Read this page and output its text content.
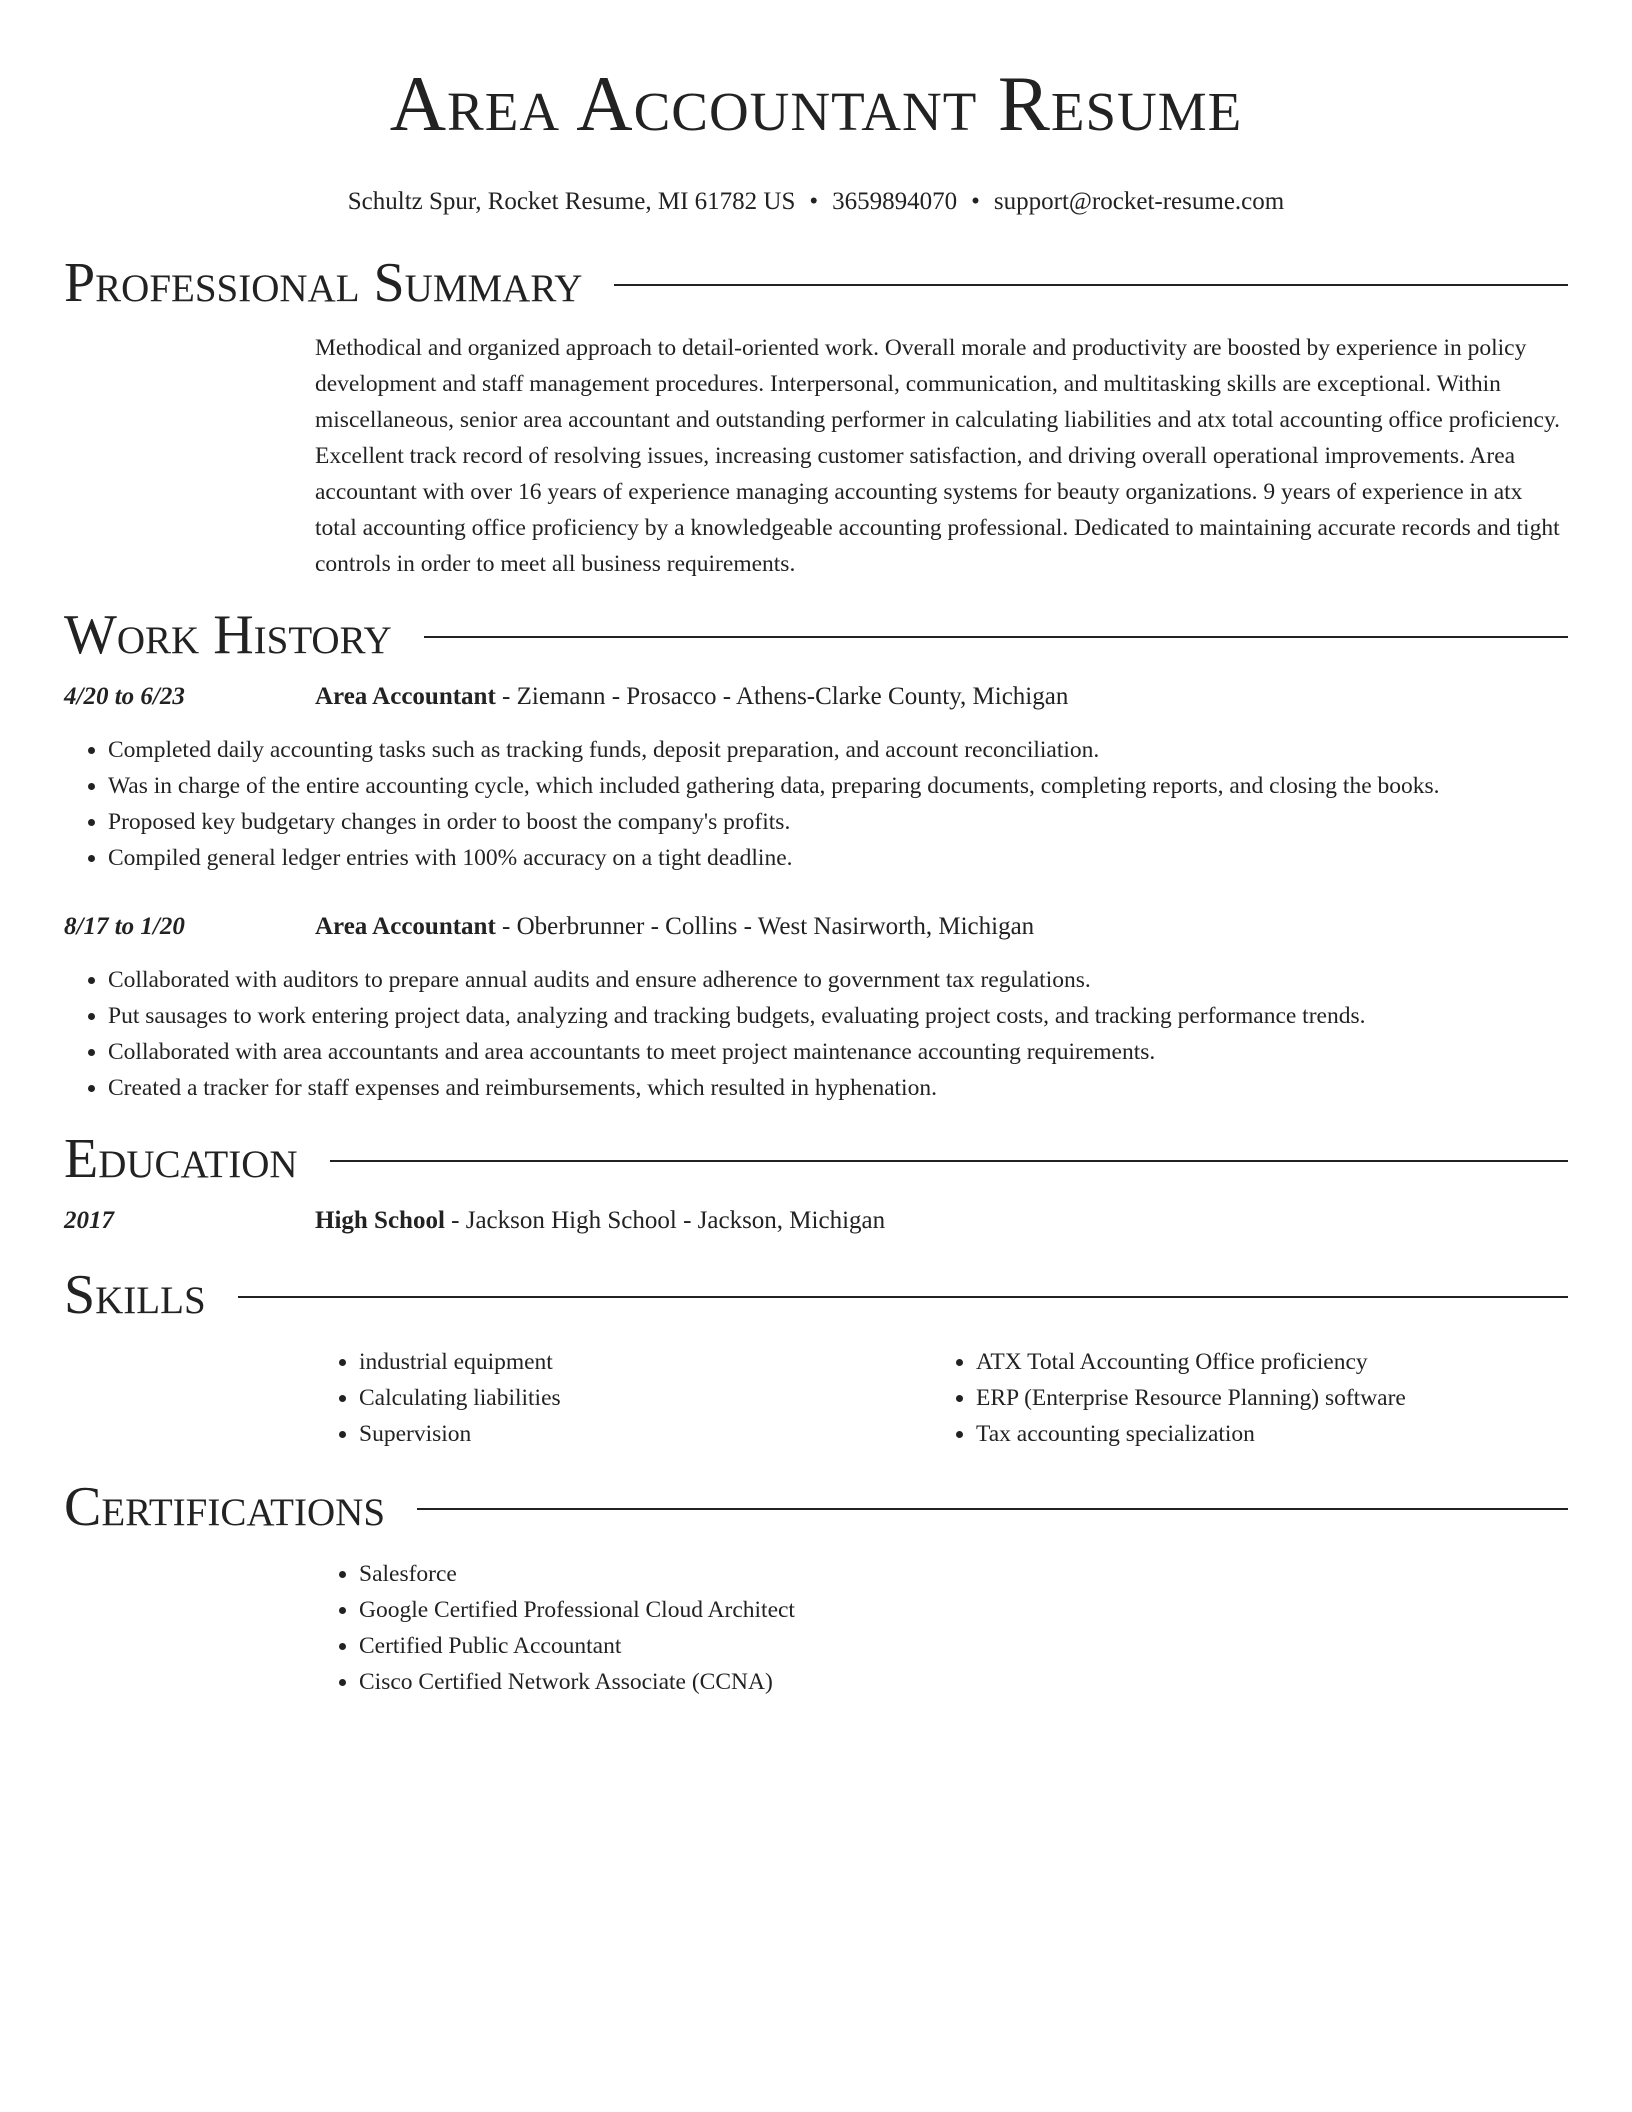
Area Accountant Resume
Schultz Spur, Rocket Resume, MI 61782 US • 3659894070 • support@rocket-resume.com
Professional Summary
Methodical and organized approach to detail-oriented work. Overall morale and productivity are boosted by experience in policy development and staff management procedures. Interpersonal, communication, and multitasking skills are exceptional. Within miscellaneous, senior area accountant and outstanding performer in calculating liabilities and atx total accounting office proficiency. Excellent track record of resolving issues, increasing customer satisfaction, and driving overall operational improvements. Area accountant with over 16 years of experience managing accounting systems for beauty organizations. 9 years of experience in atx total accounting office proficiency by a knowledgeable accounting professional. Dedicated to maintaining accurate records and tight controls in order to meet all business requirements.
Work History
4/20 to 6/23	Area Accountant - Ziemann - Prosacco - Athens-Clarke County, Michigan
• Completed daily accounting tasks such as tracking funds, deposit preparation, and account reconciliation.
• Was in charge of the entire accounting cycle, which included gathering data, preparing documents, completing reports, and closing the books.
• Proposed key budgetary changes in order to boost the company's profits.
• Compiled general ledger entries with 100% accuracy on a tight deadline.
8/17 to 1/20	Area Accountant - Oberbrunner - Collins - West Nasirworth, Michigan
• Collaborated with auditors to prepare annual audits and ensure adherence to government tax regulations.
• Put sausages to work entering project data, analyzing and tracking budgets, evaluating project costs, and tracking performance trends.
• Collaborated with area accountants and area accountants to meet project maintenance accounting requirements.
• Created a tracker for staff expenses and reimbursements, which resulted in hyphenation.
Education
2017	High School - Jackson High School - Jackson, Michigan
Skills
• industrial equipment
• Calculating liabilities
• Supervision
• ATX Total Accounting Office proficiency
• ERP (Enterprise Resource Planning) software
• Tax accounting specialization
Certifications
• Salesforce
• Google Certified Professional Cloud Architect
• Certified Public Accountant
• Cisco Certified Network Associate (CCNA)
